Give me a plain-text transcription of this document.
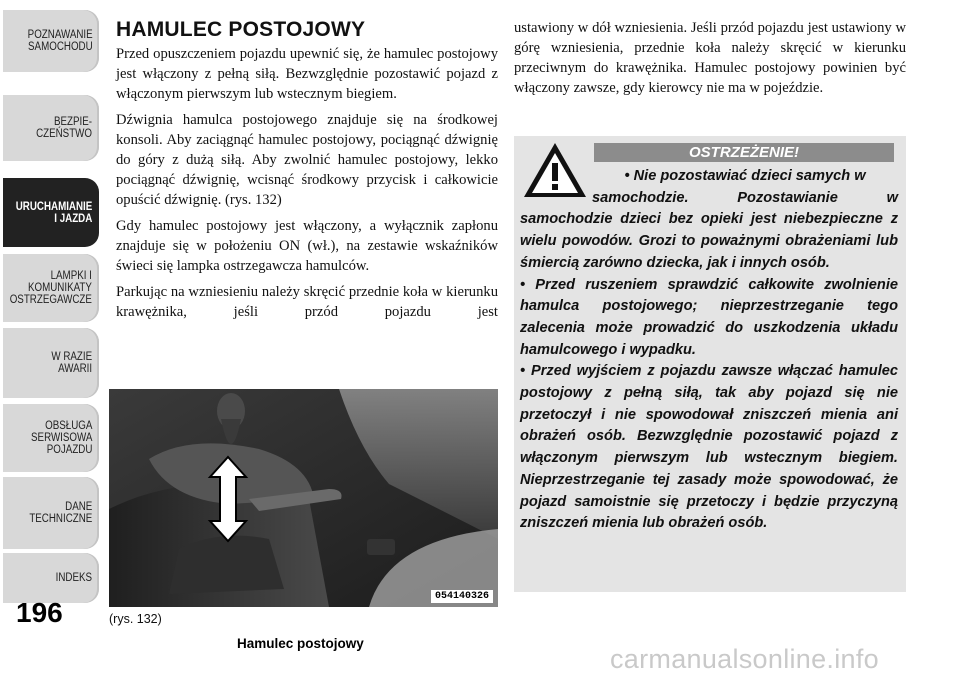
POZNAWANIE
SAMOCHODU
BEZPIE-
CZEŃSTWO
URUCHAMIANIE
I JAZDA
LAMPKI I
KOMUNIKATY
OSTRZEGAWCZE
W RAZIE
AWARII
OBSŁUGA
SERWISOWA
POJAZDU
DANE
TECHNICZNE
INDEKS
196
Hamulec postojowy
carmanualsonline.info
HAMULEC POSTOJOWY

Przed opuszczeniem pojazdu upewnić się, że hamulec postojowy jest włączony z pełną siłą. Bezwzględnie pozostawić pojazd z włączonym pierwszym lub wstecznym biegiem.

Dźwignia hamulca postojowego znajduje się na środkowej konsoli. Aby zaciągnąć hamulec postojowy, pociągnąć dźwignię do góry z dużą siłą. Aby zwolnić hamulec postojowy, lekko pociągnąć dźwignię, wcisnąć środkowy przycisk i całkowicie opuścić dźwignię. (rys. 132)

Gdy hamulec postojowy jest włączony, a wyłącznik zapłonu znajduje się w położeniu ON (wł.), na zestawie wskaźników świeci się lampka ostrzegawcza hamulców.

Parkując na wzniesieniu należy skręcić przednie koła w kierunku krawężnika, jeśli przód pojazdu jest

054140326
(rys. 132)

ustawiony w dół wzniesienia. Jeśli przód pojazdu jest ustawiony w górę wzniesienia, przednie koła należy skręcić w kierunku przeciwnym do krawężnika. Hamulec postojowy powinien być włączony zawsze, gdy kierowcy nie ma w pojeździe.

OSTRZEŻENIE!

• Nie pozostawiać dzieci samych w

samochodzie. Pozostawianie w

samochodzie dzieci bez opieki jest niebezpieczne z wielu powodów. Grozi to poważnymi obrażeniami lub śmiercią zarówno dziecka, jak i innych osób.

• Przed ruszeniem sprawdzić całkowite zwolnienie hamulca postojowego; nieprzestrzeganie tego zalecenia może prowadzić do uszkodzenia układu hamulcowego i wypadku.

• Przed wyjściem z pojazdu zawsze włączać hamulec postojowy z pełną siłą, tak aby pojazd się nie przetoczył i nie spowodował zniszczeń mienia ani obrażeń osób. Bezwzględnie pozostawić pojazd z włączonym pierwszym lub wstecznym biegiem. Nieprzestrzeganie tej zasady może spowodować, że pojazd samoistnie się przetoczy i będzie przyczyną zniszczeń mienia lub obrażeń osób.
